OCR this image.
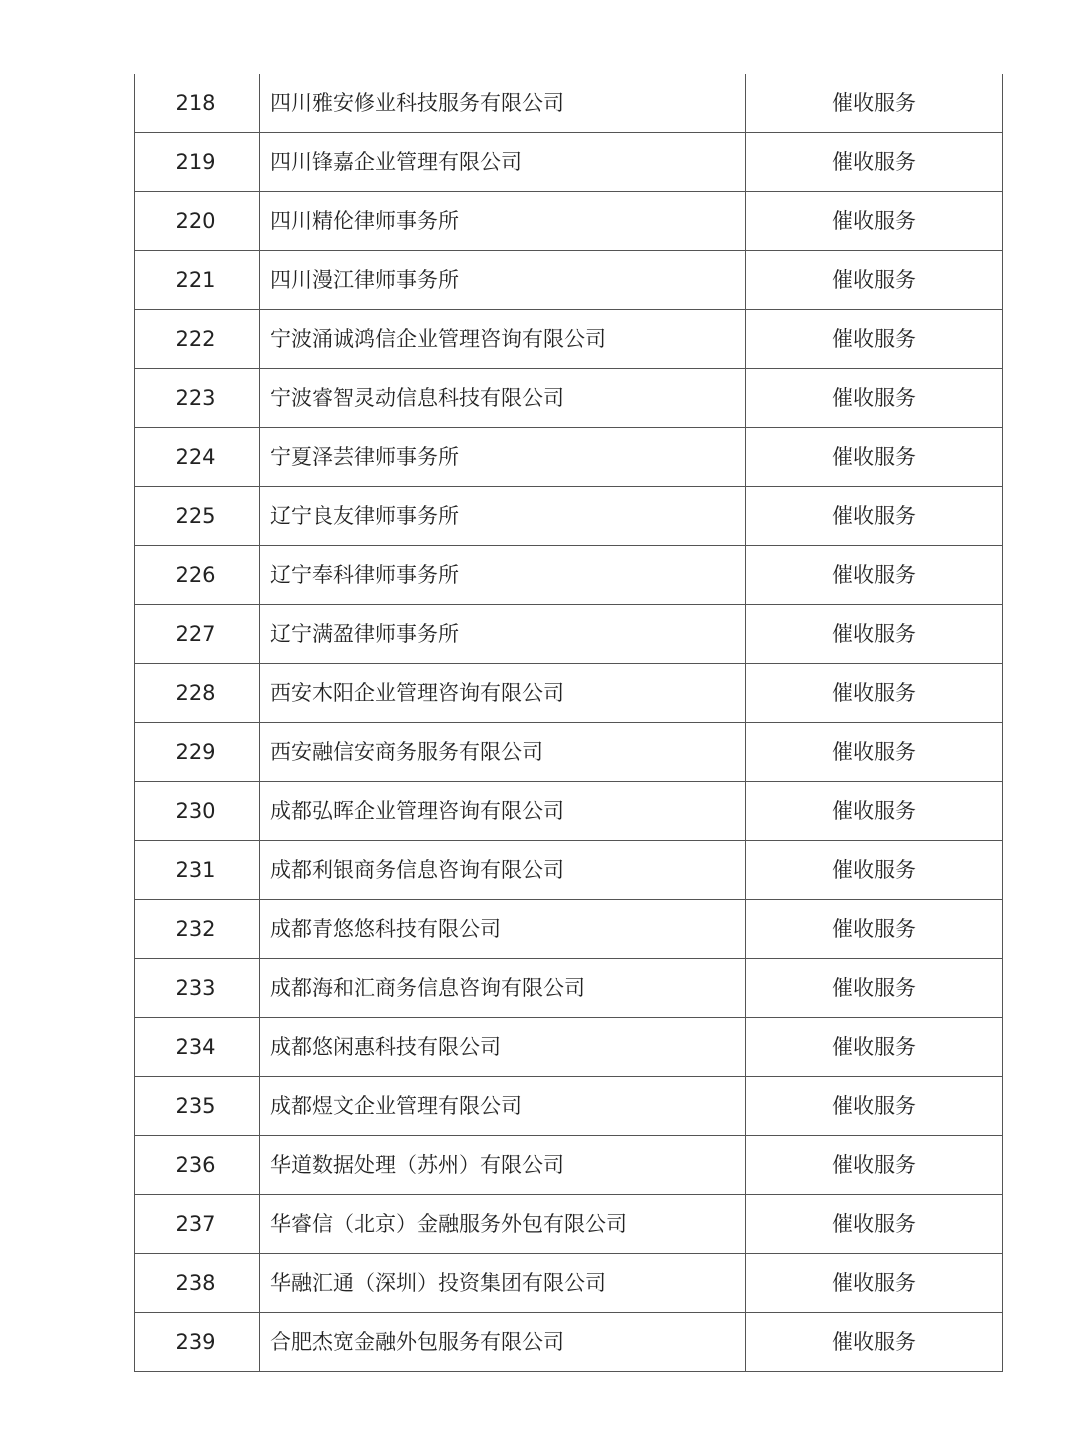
218	四川雅安修业科技服务有限公司	催收服务
219	四川锋嘉企业管理有限公司	催收服务
220	四川精伦律师事务所	催收服务
221	四川漫江律师事务所	催收服务
222	宁波涌诚鸿信企业管理咨询有限公司	催收服务
223	宁波睿智灵动信息科技有限公司	催收服务
224	宁夏泽芸律师事务所	催收服务
225	辽宁良友律师事务所	催收服务
226	辽宁奉科律师事务所	催收服务
227	辽宁满盈律师事务所	催收服务
228	西安木阳企业管理咨询有限公司	催收服务
229	西安融信安商务服务有限公司	催收服务
230	成都弘晖企业管理咨询有限公司	催收服务
231	成都利银商务信息咨询有限公司	催收服务
232	成都青悠悠科技有限公司	催收服务
233	成都海和汇商务信息咨询有限公司	催收服务
234	成都悠闲惠科技有限公司	催收服务
235	成都煜文企业管理有限公司	催收服务
236	华道数据处理（苏州）有限公司	催收服务
237	华睿信（北京）金融服务外包有限公司	催收服务
238	华融汇通（深圳）投资集团有限公司	催收服务
239	合肥杰宽金融外包服务有限公司	催收服务
